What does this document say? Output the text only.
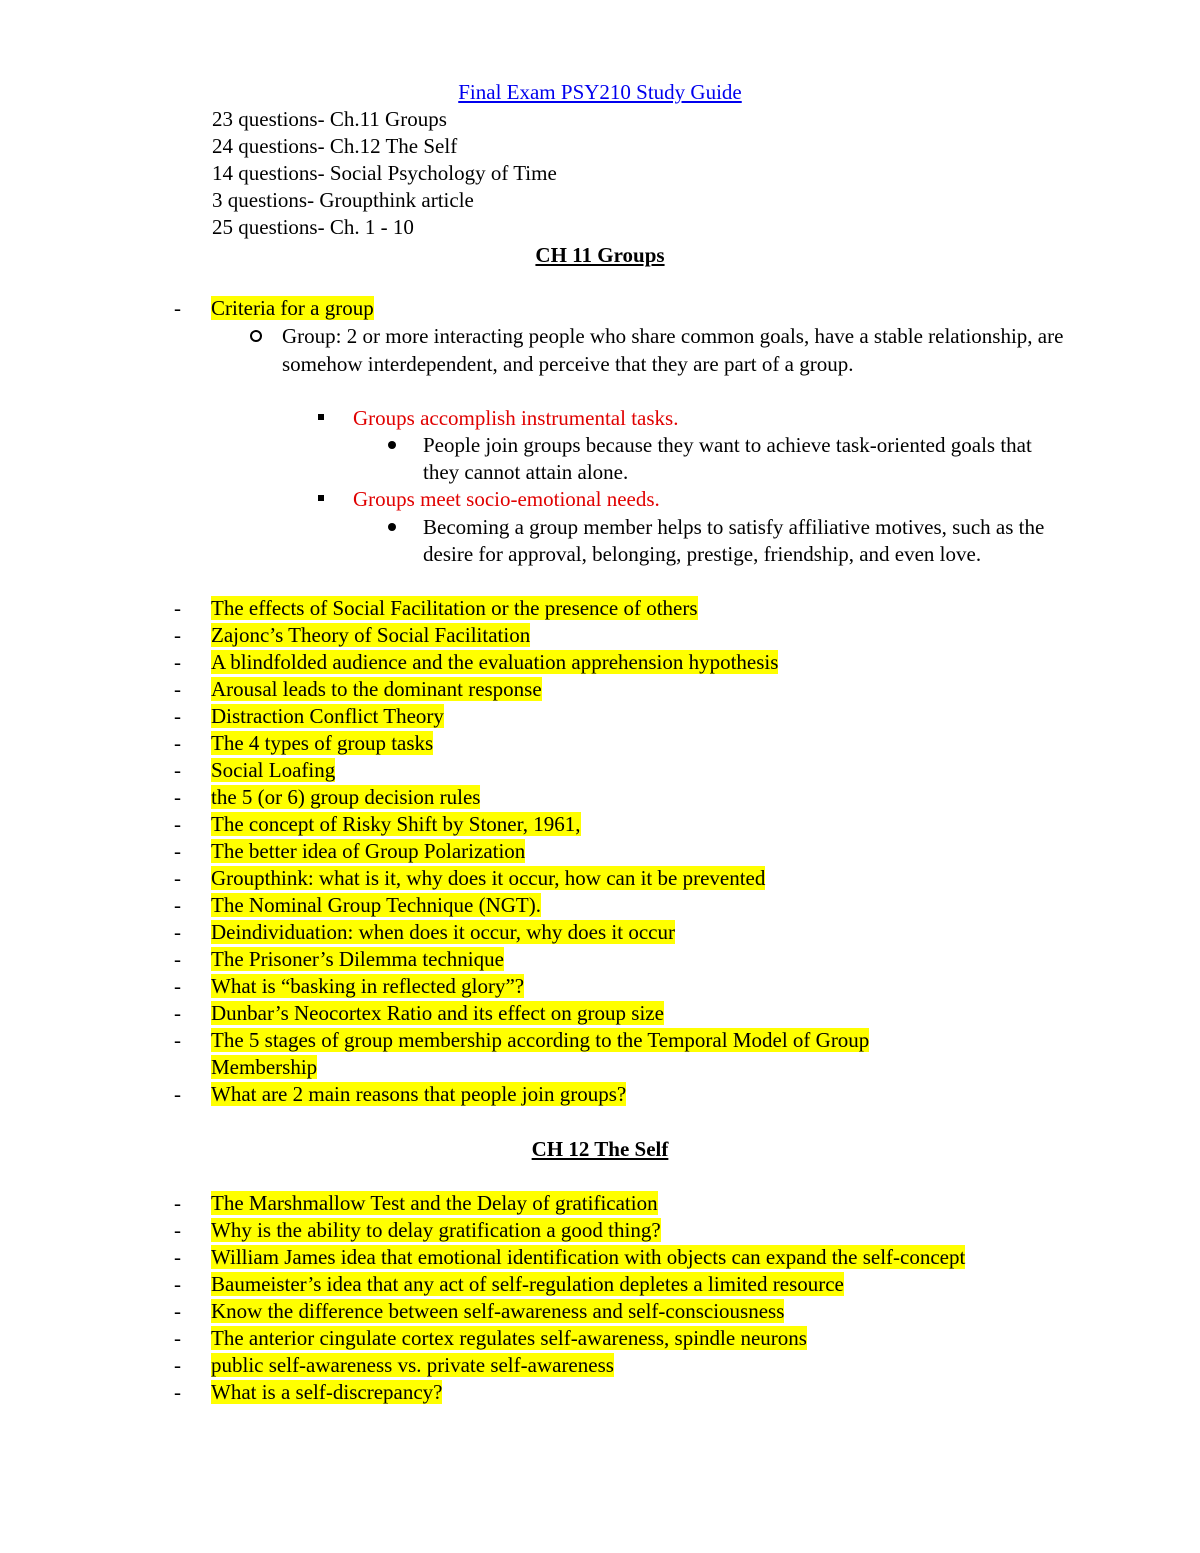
Final Exam PSY210 Study Guide
23 questions- Ch.11 Groups
24 questions- Ch.12 The Self
14 questions- Social Psychology of Time
3 questions- Groupthink article
25 questions- Ch. 1 - 10
CH 11 Groups
- Criteria for a group
Group: 2 or more interacting people who share common goals, have a stable relationship, are somehow interdependent, and perceive that they are part of a group.
Groups accomplish instrumental tasks.
People join groups because they want to achieve task-oriented goals that they cannot attain alone.
Groups meet socio-emotional needs.
Becoming a group member helps to satisfy affiliative motives, such as the desire for approval, belonging, prestige, friendship, and even love.
- The effects of Social Facilitation or the presence of others
- Zajonc’s Theory of Social Facilitation
- A blindfolded audience and the evaluation apprehension hypothesis
- Arousal leads to the dominant response
- Distraction Conflict Theory
- The 4 types of group tasks
- Social Loafing
- the 5 (or 6) group decision rules
- The concept of Risky Shift by Stoner, 1961,
- The better idea of Group Polarization
- Groupthink: what is it, why does it occur, how can it be prevented
- The Nominal Group Technique (NGT).
- Deindividuation: when does it occur, why does it occur
- The Prisoner’s Dilemma technique
- What is “basking in reflected glory”?
- Dunbar’s Neocortex Ratio and its effect on group size
- The 5 stages of group membership according to the Temporal Model of Group Membership
- What are 2 main reasons that people join groups?
CH 12 The Self
- The Marshmallow Test and the Delay of gratification
- Why is the ability to delay gratification a good thing?
- William James idea that emotional identification with objects can expand the self-concept
- Baumeister’s idea that any act of self-regulation depletes a limited resource
- Know the difference between self-awareness and self-consciousness
- The anterior cingulate cortex regulates self-awareness, spindle neurons
- public self-awareness vs. private self-awareness
- What is a self-discrepancy?
